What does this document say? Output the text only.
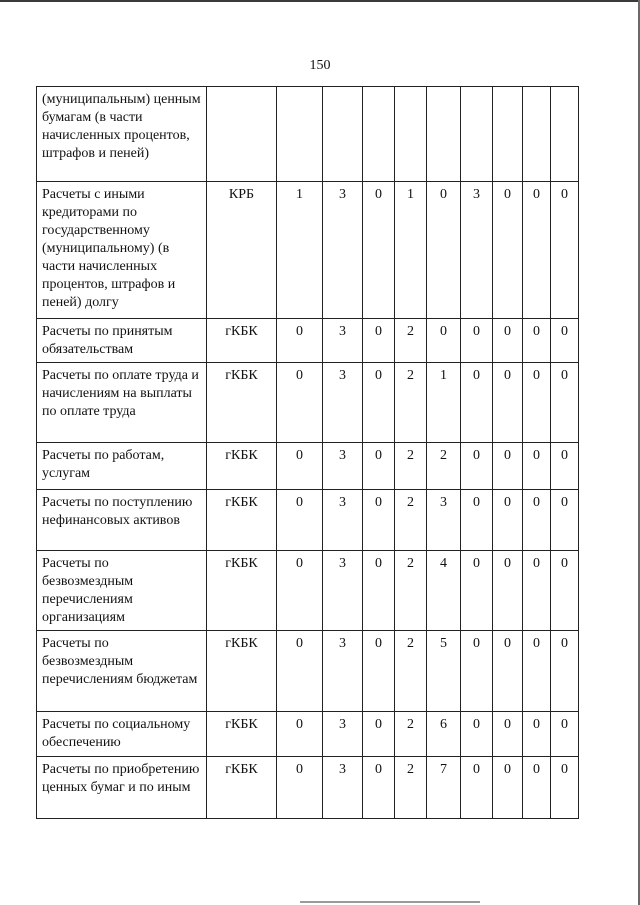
150
(муниципальным) ценным бумагам (в части начисленных процентов, штрафов и пеней)										
Расчеты с иными кредиторами по государственному (муниципальному) (в части начисленных процентов, штрафов и пеней) долгу	КРБ	1	3	0	1	0	3	0	0	0
Расчеты по принятым обязательствам	гКБК	0	3	0	2	0	0	0	0	0
Расчеты по оплате труда и начислениям на выплаты по оплате труда	гКБК	0	3	0	2	1	0	0	0	0
Расчеты по работам, услугам	гКБК	0	3	0	2	2	0	0	0	0
Расчеты по поступлению нефинансовых активов	гКБК	0	3	0	2	3	0	0	0	0
Расчеты по безвозмездным перечислениям организациям	гКБК	0	3	0	2	4	0	0	0	0
Расчеты по безвозмездным перечислениям бюджетам	гКБК	0	3	0	2	5	0	0	0	0
Расчеты по социальному обеспечению	гКБК	0	3	0	2	6	0	0	0	0
Расчеты по приобретению ценных бумаг и по иным	гКБК	0	3	0	2	7	0	0	0	0
